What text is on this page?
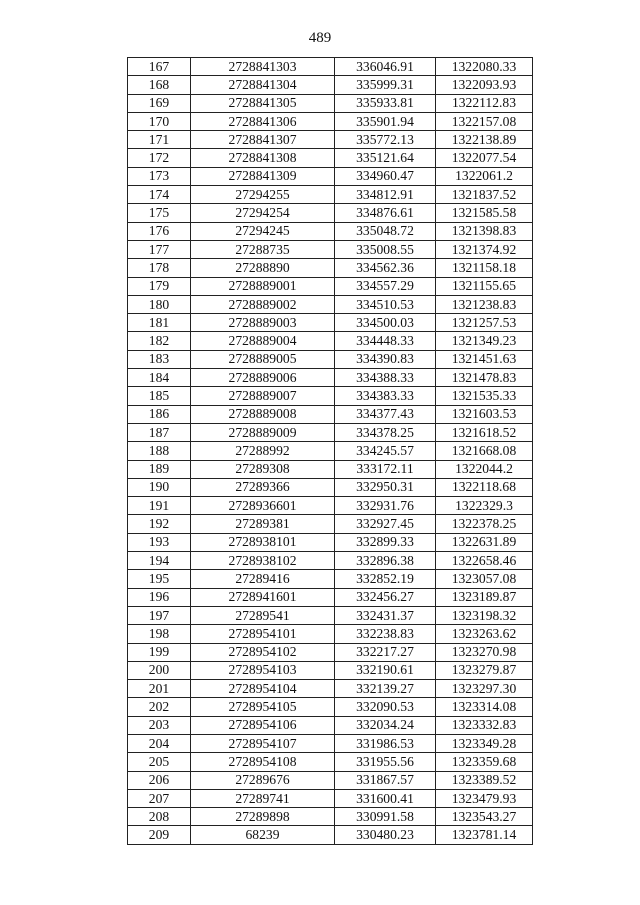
489
167	2728841303	336046.91	1322080.33
168	2728841304	335999.31	1322093.93
169	2728841305	335933.81	1322112.83
170	2728841306	335901.94	1322157.08
171	2728841307	335772.13	1322138.89
172	2728841308	335121.64	1322077.54
173	2728841309	334960.47	1322061.2
174	27294255	334812.91	1321837.52
175	27294254	334876.61	1321585.58
176	27294245	335048.72	1321398.83
177	27288735	335008.55	1321374.92
178	27288890	334562.36	1321158.18
179	2728889001	334557.29	1321155.65
180	2728889002	334510.53	1321238.83
181	2728889003	334500.03	1321257.53
182	2728889004	334448.33	1321349.23
183	2728889005	334390.83	1321451.63
184	2728889006	334388.33	1321478.83
185	2728889007	334383.33	1321535.33
186	2728889008	334377.43	1321603.53
187	2728889009	334378.25	1321618.52
188	27288992	334245.57	1321668.08
189	27289308	333172.11	1322044.2
190	27289366	332950.31	1322118.68
191	2728936601	332931.76	1322329.3
192	27289381	332927.45	1322378.25
193	2728938101	332899.33	1322631.89
194	2728938102	332896.38	1322658.46
195	27289416	332852.19	1323057.08
196	2728941601	332456.27	1323189.87
197	27289541	332431.37	1323198.32
198	2728954101	332238.83	1323263.62
199	2728954102	332217.27	1323270.98
200	2728954103	332190.61	1323279.87
201	2728954104	332139.27	1323297.30
202	2728954105	332090.53	1323314.08
203	2728954106	332034.24	1323332.83
204	2728954107	331986.53	1323349.28
205	2728954108	331955.56	1323359.68
206	27289676	331867.57	1323389.52
207	27289741	331600.41	1323479.93
208	27289898	330991.58	1323543.27
209	68239	330480.23	1323781.14
